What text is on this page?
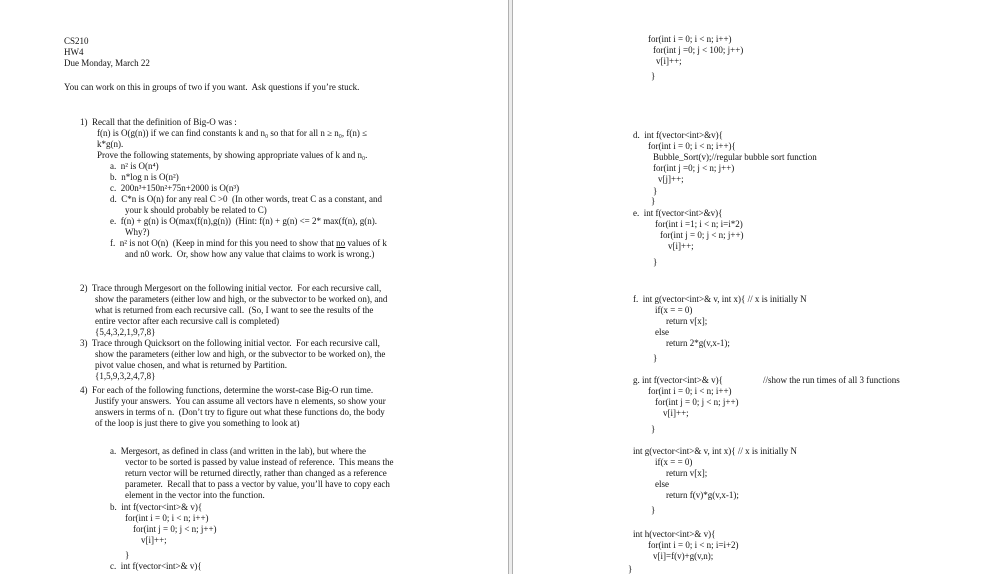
CS210
HW4
Due Monday, March 22
You can work on this in groups of two if you want.  Ask questions if you’re stuck.
1)  Recall that the definition of Big-O was :
f(n) is O(g(n)) if we can find constants k and n₀ so that for all n ≥ n₀, f(n) ≤
k*g(n).
Prove the following statements, by showing appropriate values of k and n₀.
a.  n² is O(n⁴)
b.  n*log n is O(n²)
c.  200n³+150n²+75n+2000 is O(n³)
d.  C*n is O(n) for any real C >0  (In other words, treat C as a constant, and
your k should probably be related to C)
e.  f(n) + g(n) is O(max(f(n),g(n))  (Hint: f(n) + g(n) <= 2* max(f(n), g(n).
Why?)
f.  n² is not O(n)  (Keep in mind for this you need to show that no values of k
and n0 work.  Or, show how any value that claims to work is wrong.)
2)  Trace through Mergesort on the following initial vector.  For each recursive call,
show the parameters (either low and high, or the subvector to be worked on), and
what is returned from each recursive call.  (So, I want to see the results of the
entire vector after each recursive call is completed)
{5,4,3,2,1,9,7,8}
3)  Trace through Quicksort on the following initial vector.  For each recursive call,
show the parameters (either low and high, or the subvector to be worked on), the
pivot value chosen, and what is returned by Partition.
{1,5,9,3,2,4,7,8}
4)  For each of the following functions, determine the worst-case Big-O run time.
Justify your answers.  You can assume all vectors have n elements, so show your
answers in terms of n.  (Don’t try to figure out what these functions do, the body
of the loop is just there to give you something to look at)
a.  Mergesort, as defined in class (and written in the lab), but where the
vector to be sorted is passed by value instead of reference.  This means the
return vector will be returned directly, rather than changed as a reference
parameter.  Recall that to pass a vector by value, you’ll have to copy each
element in the vector into the function.
b.  int f(vector<int>& v){
for(int i = 0; i < n; i++)
for(int j = 0; j < n; j++)
v[i]++;
}
c.  int f(vector<int>& v){
for(int i = 0; i < n; i++)
for(int j =0; j < 100; j++)
v[i]++;
}
d.  int f(vector<int>&v){
for(int i = 0; i < n; i++){
Bubble_Sort(v);//regular bubble sort function
for(int j =0; j < n; j++)
v[j]++;
}
}
e.  int f(vector<int>&v){
for(int i =1; i < n; i=i*2)
for(int j = 0; j < n; j++)
v[i]++;
}
f.  int g(vector<int>& v, int x){ // x is initially N
if(x = = 0)
return v[x];
else
return 2*g(v,x-1);
}
g. int f(vector<int>& v){	//show the run times of all 3 functions
for(int i = 0; i < n; i++)
for(int j = 0; j < n; j++)
v[i]++;
}
int g(vector<int>& v, int x){ // x is initially N
if(x = = 0)
return v[x];
else
return f(v)*g(v,x-1);
}
int h(vector<int>& v){
for(int i = 0; i < n; i=i+2)
v[i]=f(v)+g(v,n);
}
